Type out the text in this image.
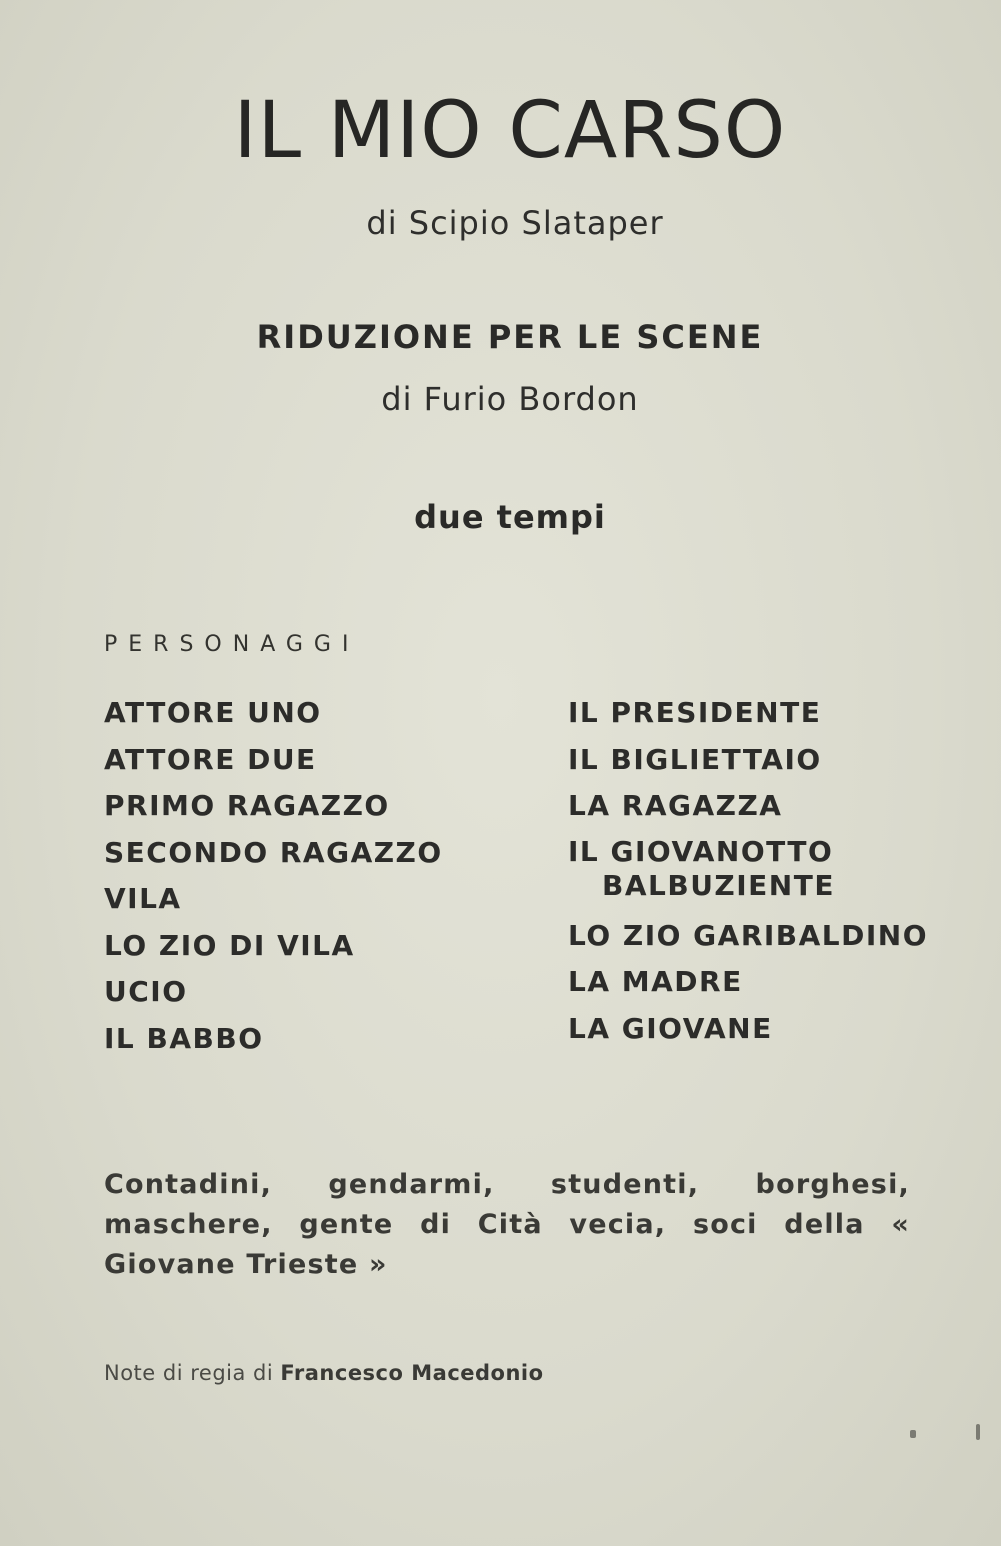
IL MIO CARSO

di Scipio Slataper

RIDUZIONE PER LE SCENE

di Furio Bordon

due tempi

PERSONAGGI

ATTORE UNO
ATTORE DUE
PRIMO RAGAZZO
SECONDO RAGAZZO
VILA
LO ZIO DI VILA
UCIO
IL BABBO
IL PRESIDENTE
IL BIGLIETTAIO
LA RAGAZZA
IL GIOVANOTTO
BALBUZIENTE
LO ZIO GARIBALDINO
LA MADRE
LA GIOVANE

Contadini, gendarmi, studenti, borghesi, maschere, gente di Cità vecia, soci della « Giovane Trieste »

Note di regia di Francesco Macedonio
